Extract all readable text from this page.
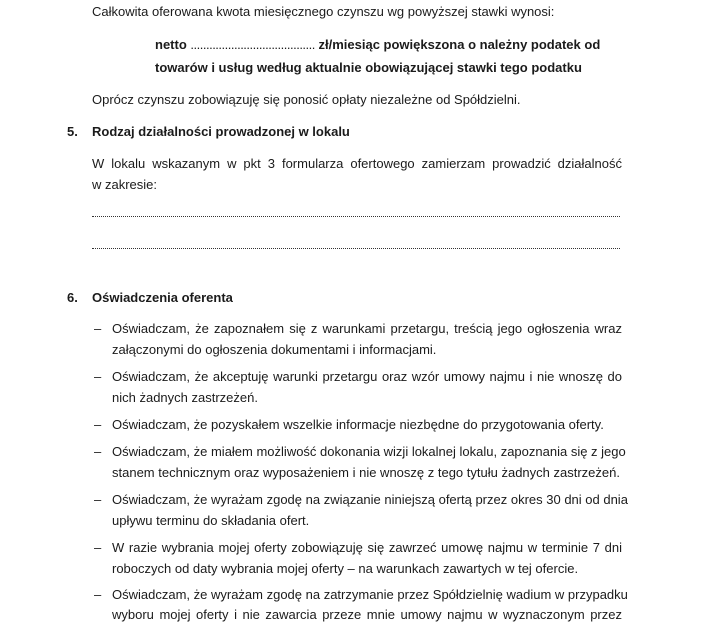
Całkowita oferowana kwota miesięcznego czynszu wg powyższej stawki wynosi:
netto ........................................ zł/miesiąc powiększona o należny podatek od
towarów i usług według aktualnie obowiązującej stawki tego podatku
Oprócz czynszu zobowiązuję się ponosić opłaty niezależne od Spółdzielni.
5. Rodzaj działalności prowadzonej w lokalu
W lokalu wskazanym w pkt 3 formularza ofertowego zamierzam prowadzić działalność
w zakresie:
6. Oświadczenia oferenta
– Oświadczam, że zapoznałem się z warunkami przetargu, treścią jego ogłoszenia wraz
załączonymi do ogłoszenia dokumentami i informacjami.
– Oświadczam, że akceptuję warunki przetargu oraz wzór umowy najmu i nie wnoszę do
nich żadnych zastrzeżeń.
– Oświadczam, że pozyskałem wszelkie informacje niezbędne do przygotowania oferty.
– Oświadczam, że miałem możliwość dokonania wizji lokalnej lokalu, zapoznania się z jego
stanem technicznym oraz wyposażeniem i nie wnoszę z tego tytułu żadnych zastrzeżeń.
– Oświadczam, że wyrażam zgodę na związanie niniejszą ofertą przez okres 30 dni od dnia
upływu terminu do składania ofert.
– W razie wybrania mojej oferty zobowiązuję się zawrzeć umowę najmu w terminie 7 dni
roboczych od daty wybrania mojej oferty – na warunkach zawartych w tej ofercie.
– Oświadczam, że wyrażam zgodę na zatrzymanie przez Spółdzielnię wadium w przypadku
wyboru mojej oferty i nie zawarcia przeze mnie umowy najmu w wyznaczonym przez
